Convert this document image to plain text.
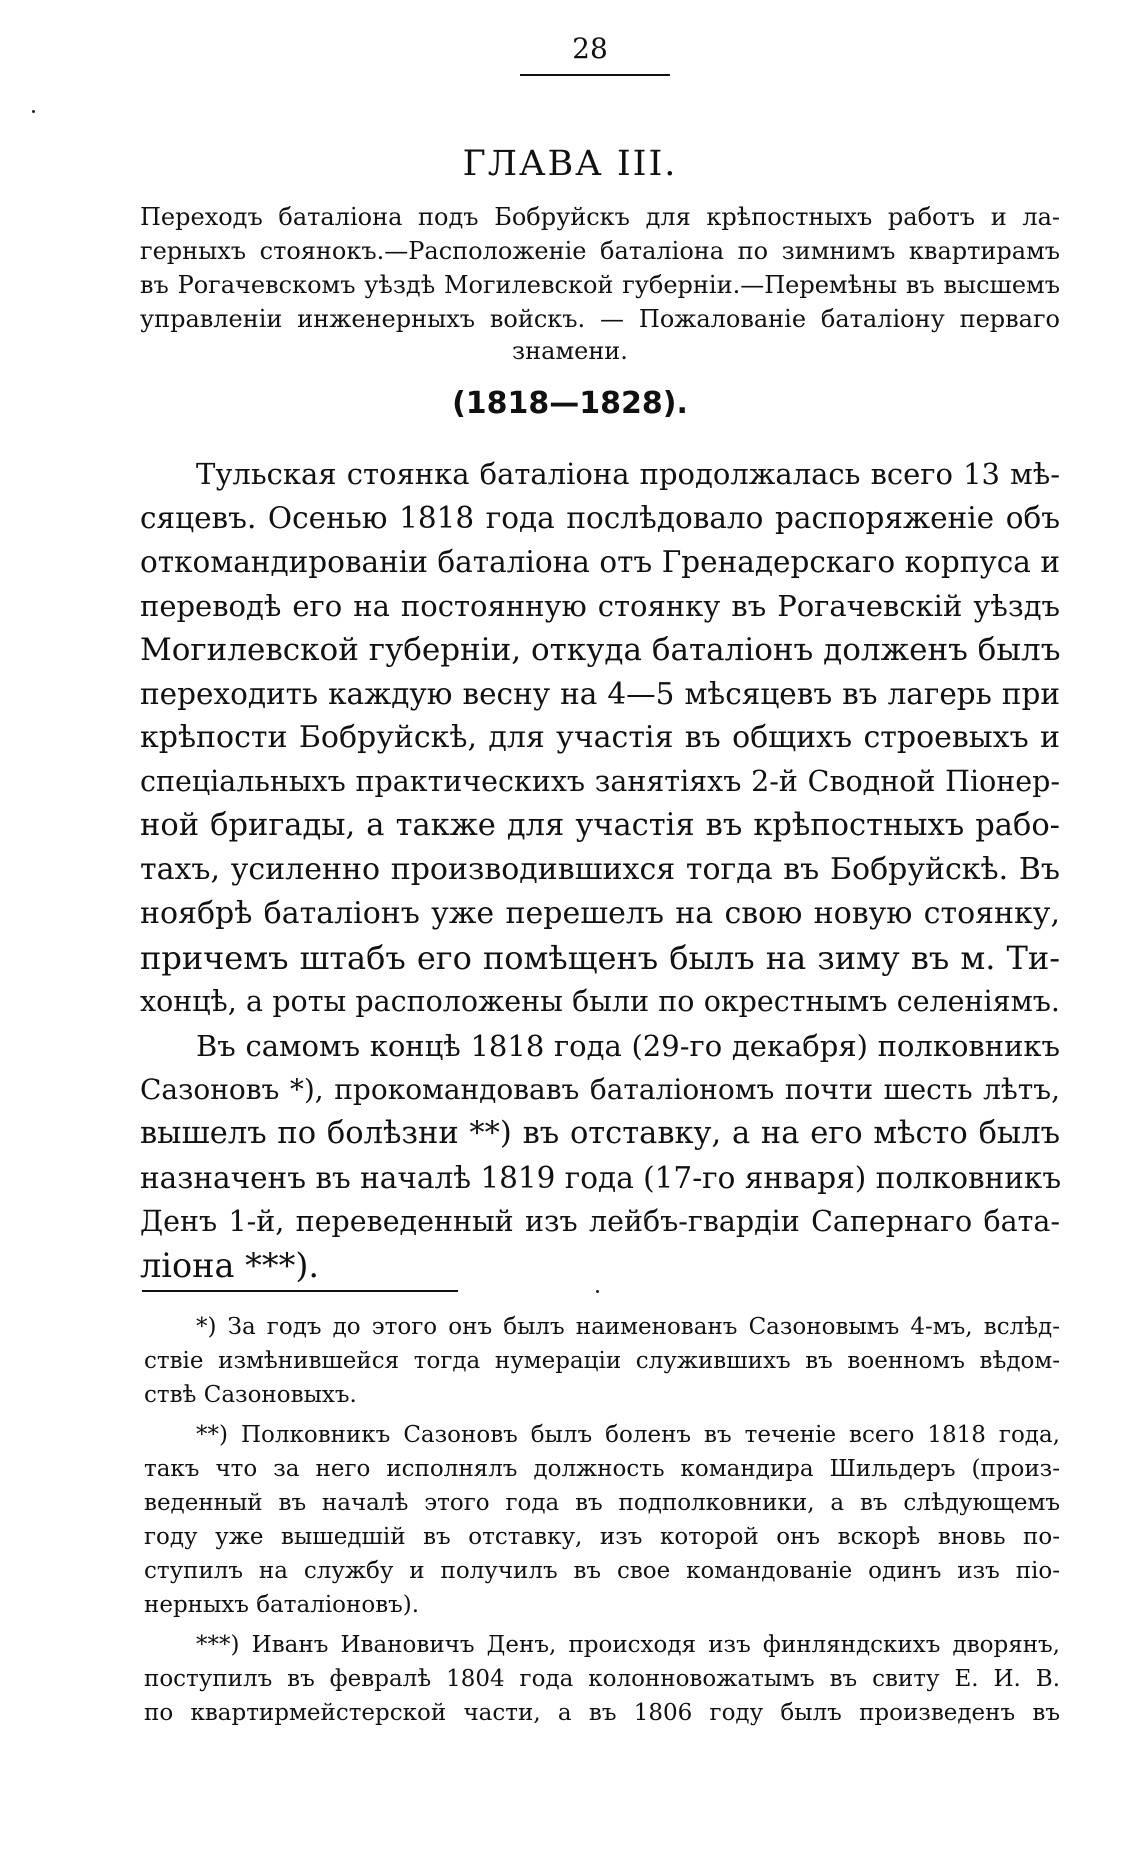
28
ГЛАВА III.
Переходъ баталіона подъ Бобруйскъ для крѣпостныхъ работъ и ла-
герныхъ стоянокъ.—Расположеніе баталіона по зимнимъ квартирамъ
въ Рогачевскомъ уѣздѣ Могилевской губерніи.—Перемѣны въ высшемъ
управленіи инженерныхъ войскъ. — Пожалованіе баталіону перваго
знамени.
(1818—1828).
Тульская стоянка баталіона продолжалась всего 13 мѣ-
сяцевъ. Осенью 1818 года послѣдовало распоряженіе объ
откомандированіи баталіона отъ Гренадерскаго корпуса и
переводѣ его на постоянную стоянку въ Рогачевскій уѣздъ
Могилевской губерніи, откуда баталіонъ долженъ былъ
переходить каждую весну на 4—5 мѣсяцевъ въ лагерь при
крѣпости Бобруйскѣ, для участія въ общихъ строевыхъ и
спеціальныхъ практическихъ занятіяхъ 2-й Сводной Піонер-
ной бригады, а также для участія въ крѣпостныхъ рабо-
тахъ, усиленно производившихся тогда въ Бобруйскѣ. Въ
ноябрѣ баталіонъ уже перешелъ на свою новую стоянку,
причемъ штабъ его помѣщенъ былъ на зиму въ м. Ти-
хонцѣ, а роты расположены были по окрестнымъ селеніямъ.
Въ самомъ концѣ 1818 года (29-го декабря) полковникъ
Сазоновъ *), прокомандовавъ баталіономъ почти шесть лѣтъ,
вышелъ по болѣзни **) въ отставку, а на его мѣсто былъ
назначенъ въ началѣ 1819 года (17-го января) полковникъ
Денъ 1-й, переведенный изъ лейбъ-гвардіи Сапернаго бата-
ліона ***).
*) За годъ до этого онъ былъ наименованъ Сазоновымъ 4-мъ, вслѣд-
ствіе измѣнившейся тогда нумераціи служившихъ въ военномъ вѣдом-
ствѣ Сазоновыхъ.
**) Полковникъ Сазоновъ былъ боленъ въ теченіе всего 1818 года,
такъ что за него исполнялъ должность командира Шильдеръ (произ-
веденный въ началѣ этого года въ подполковники, а въ слѣдующемъ
году уже вышедшій въ отставку, изъ которой онъ вскорѣ вновь по-
ступилъ на службу и получилъ въ свое командованіе одинъ изъ піо-
нерныхъ баталіоновъ).
***) Иванъ Ивановичъ Денъ, происходя изъ финляндскихъ дворянъ,
поступилъ въ февралѣ 1804 года колонновожатымъ въ свиту Е. И. В.
по квартирмейстерской части, а въ 1806 году былъ произведенъ въ
